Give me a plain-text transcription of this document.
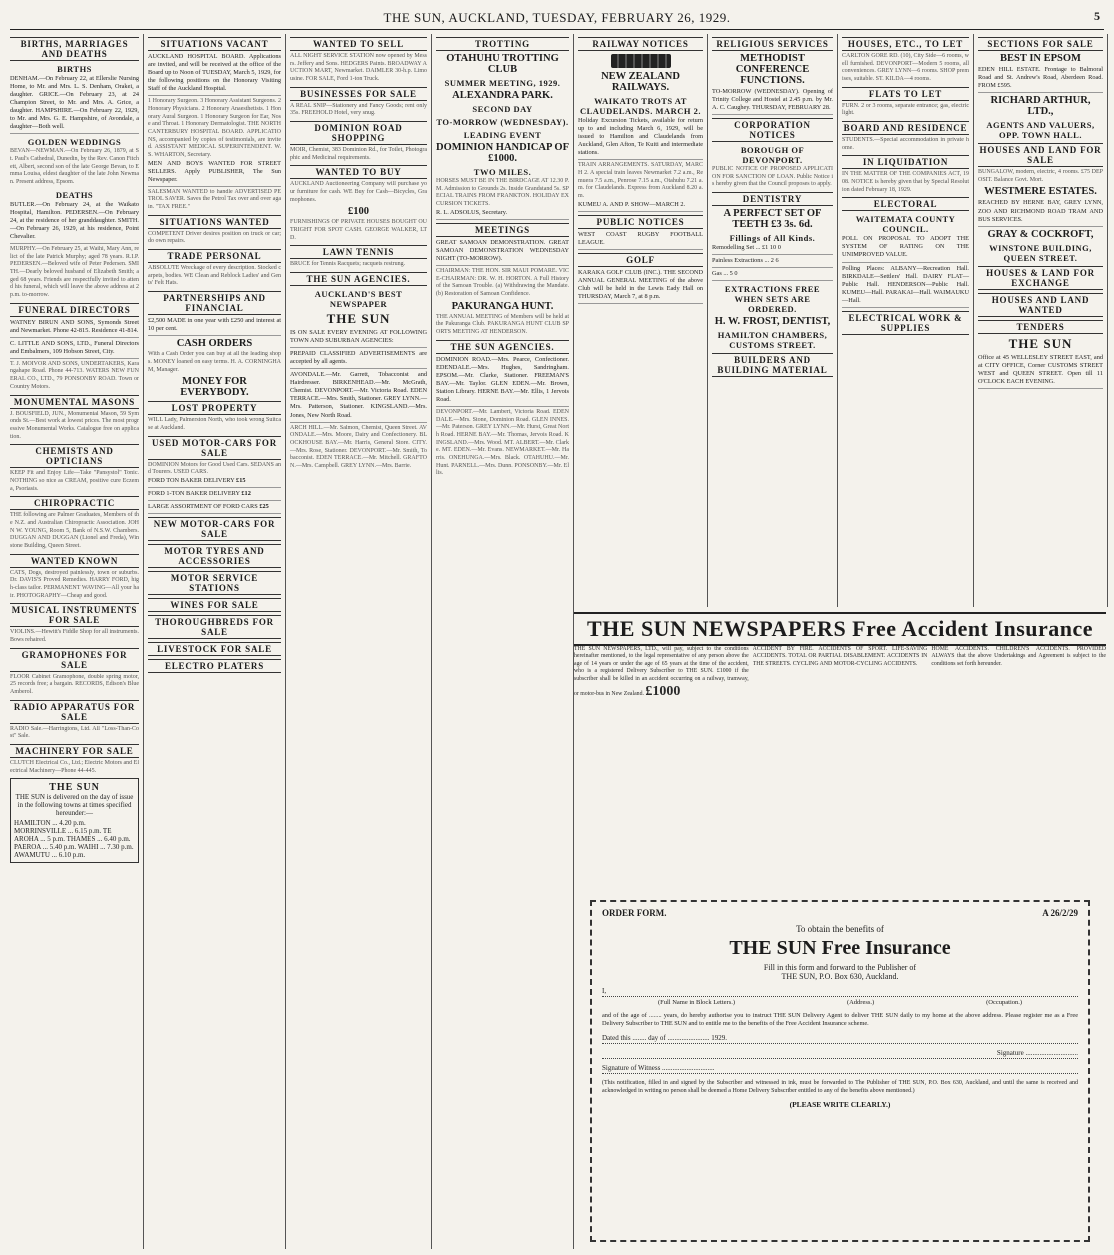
THE SUN, AUCKLAND, TUESDAY, FEBRUARY 26, 1929.	5
BIRTHS, MARRIAGES AND DEATHS
BIRTHS
DENHAM.—On February 22, at Ellerslie Nursing Home, to Mr. and Mrs. L. S. Denham, Orakei, a daughter. GRICE.—On February 23, at 24 Champion Street, to Mr. and Mrs. A. Grice, a daughter. HAMPSHIRE.—On February 22, 1929, to Mr. and Mrs. G. E. Hampshire, of Avondale, a daughter—Both well.
GOLDEN WEDDINGS
BEVAN—NEWMAN.—On February 26, 1879, at St. Paul's Cathedral, Dunedin, by the Rev. Canon Fitchett, Albert, second son of the late George Bevan, to Emma Louisa, eldest daughter of the late John Newman. Present address, Epsom.
DEATHS
BUTLER.—On February 24, at the Waikato Hospital, Hamilton. PEDERSEN.—On February 24, at the residence of her granddaughter. SMITH.—On February 26, 1929, at his residence, Point Chevalier.
MURPHY.—On February 25, at Waihi, Mary Ann, relict of the late Patrick Murphy; aged 78 years. R.I.P. PEDERSEN.—Beloved wife of Peter Pedersen. SMITH.—Dearly beloved husband of Elizabeth Smith; aged 68 years. Friends are respectfully invited to attend his funeral, which will leave the above address at 2 p.m. to-morrow.
FUNERAL DIRECTORS
WATNEY BIRUN AND SONS, Symonds Street and Newmarket. Phone 42-815. Residence 41-814.
C. LITTLE AND SONS, LTD., Funeral Directors and Embalmers, 109 Hobson Street, City.
T. J. MOIVOR AND SONS, UNDERTAKERS, Karangahape Road. Phone 44-713. WATERS NEW FUNERAL CO., LTD., 79 PONSONBY ROAD. Town or Country Motors.
MONUMENTAL MASONS
J. BOUSFIELD, JUN., Monumental Mason, 59 Symonds St.—Best work at lowest prices. The most progressive Monumental Works. Catalogue free on application.
CHEMISTS AND OPTICIANS
KEEP Fit and Enjoy Life—Take "Pansystol" Tonic. NOTHING so nice as CREAM, positive cure Eczema, Psoriasis.
CHIROPRACTIC
THE following are Palmer Graduates, Members of the N.Z. and Australian Chiropractic Association. JOHN W. YOUNG, Room 5, Bank of N.S.W. Chambers. DUGGAN AND DUGGAN (Lionel and Freda), Winstone Building, Queen Street.
WANTED KNOWN
CATS, Dogs, destroyed painlessly, town or suburbs. Dr. DAVIS'S Proved Remedies. HARRY FORD, high-class tailor. PERMANENT WAVING—All your hair. PHOTOGRAPHY—Cheap and good.
MUSICAL INSTRUMENTS FOR SALE
VIOLINS.—Hewitt's Fiddle Shop for all instruments. Bows rehaired.
GRAMOPHONES FOR SALE
FLOOR Cabinet Gramophone, double spring motor, 25 records free; a bargain. RECORDS, Edison's Blue Amberol.
RADIO APPARATUS FOR SALE
RADIO Sale.—Harringtons, Ltd. All "Loss-Than-Cost" Sale.
MACHINERY FOR SALE
CLUTCH Electrical Co., Ltd.; Electric Motors and Electrical Machinery—Phone 44-445.
THE SUN
THE SUN is delivered on the day of issue in the following towns at times specified hereunder:—
HAMILTON ... 4.20 p.m. MORRINSVILLE ... 6.15 p.m. TE AROHA ... 5 p.m. THAMES ... 6.40 p.m. PAEROA ... 5.40 p.m. WAIHI ... 7.30 p.m. AWAMUTU ... 6.10 p.m.
SITUATIONS VACANT
AUCKLAND HOSPITAL BOARD. Applications are invited, and will be received at the office of the Board up to Noon of TUESDAY, March 5, 1929, for the following positions on the Honorary Visiting Staff of the Auckland Hospital.
1 Honorary Surgeon. 3 Honorary Assistant Surgeons. 2 Honorary Physicians. 2 Honorary Anaesthetists. 1 Honorary Aural Surgeon. 1 Honorary Surgeon for Ear, Nose and Throat. 1 Honorary Dermatologist. THE NORTH CANTERBURY HOSPITAL BOARD. APPLICATIONS, accompanied by copies of testimonials, are invited. ASSISTANT MEDICAL SUPERINTENDENT. W. S. WHARTON, Secretary.
MEN AND BOYS WANTED FOR STREET SELLERS. Apply PUBLISHER, The Sun Newspaper.
SALESMAN WANTED to handle ADVERTISED PETROL SAVER. Saves the Petrol Tax over and over again. "TAX FREE."
SITUATIONS WANTED
COMPETENT Driver desires position on truck or car; do own repairs.
TRADE PERSONAL
ABSOLUTE Wreckage of every description. Stocked carpets, bodies. WE Clean and Reblock Ladies' and Gents' Felt Hats.
PARTNERSHIPS AND FINANCIAL
£2,500 MADE in one year with £250 and interest at 10 per cent.
CASH ORDERS
With a Cash Order you can buy at all the leading shops. MONEY loaned on easy terms. H. A. CORNINGHAM, Manager.
MONEY FOR EVERYBODY.
LOST PROPERTY
WILL Lady, Palmerston North, who took wrong Suitcase at Auckland.
USED MOTOR-CARS FOR SALE
DOMINION Motors for Good Used Cars. SEDANS and Tourers. USED CARS.
FORD TON BAKER DELIVERY £15
FORD 1-TON BAKER DELIVERY £12
LARGE ASSORTMENT OF FORD CARS £25
NEW MOTOR-CARS FOR SALE
MOTOR TYRES AND ACCESSORIES
MOTOR SERVICE STATIONS
WINES FOR SALE
THOROUGHBREDS FOR SALE
LIVESTOCK FOR SALE
ELECTRO PLATERS
WANTED TO SELL
ALL NIGHT SERVICE STATION now opened by Messrs. Jeffery and Sons. HEDGERS Paints. BROADWAY AUCTION MART, Newmarket. DAIMLER 30-h.p. Limousine. FOR SALE, Ford 1-ton Truck.
BUSINESSES FOR SALE
A REAL SNIP—Stationery and Fancy Goods; rent only 35s. FREEHOLD Hotel, very snug.
DOMINION ROAD SHOPPING
MOIR, Chemist, 383 Dominion Rd., for Toilet, Photographic and Medicinal requirements.
WANTED TO BUY
AUCKLAND Auctioneering Company will purchase your furniture for cash. WE Buy for Cash—Bicycles, Gramophones.
£100
FURNISHINGS OF PRIVATE HOUSES BOUGHT OUTRIGHT FOR SPOT CASH. GEORGE WALKER, LTD.
LAWN TENNIS
BRUCE for Tennis Racquets; racquets restrung.
THE SUN AGENCIES.
AUCKLAND'S BEST NEWSPAPER
THE SUN
IS ON SALE EVERY EVENING AT FOLLOWING TOWN AND SUBURBAN AGENCIES:
PREPAID CLASSIFIED ADVERTISEMENTS are accepted by all agents.
AVONDALE.—Mr. Garrett, Tobacconist and Hairdresser. BIRKENHEAD.—Mr. McGrath, Chemist. DEVONPORT.—Mr. Victoria Road. EDEN TERRACE.—Mrs. Smith, Stationer. GREY LYNN.—Mrs. Patterson, Stationer. KINGSLAND.—Mrs. Jones, New North Road.
ARCH HILL.—Mr. Salmon, Chemist, Queen Street. AVONDALE.—Mrs. Moore, Dairy and Confectionery. BLOCKHOUSE BAY.—Mr. Harris, General Store. CITY.—Mrs. Rose, Stationer. DEVONPORT.—Mr. Smith, Tobacconist. EDEN TERRACE.—Mr. Mitchell. GRAFTON.—Mrs. Campbell. GREY LYNN.—Mrs. Barrie.
TROTTING
OTAHUHU TROTTING CLUB
SUMMER MEETING, 1929.
ALEXANDRA PARK.
SECOND DAY
TO-MORROW (WEDNESDAY).
LEADING EVENT
DOMINION HANDICAP OF £1000.
TWO MILES.
HORSES MUST BE IN THE BIRDCAGE AT 12.30 P.M. Admission to Grounds 2s. Inside Grandstand 5s. SPECIAL TRAINS FROM FRANKTON. HOLIDAY EXCURSION TICKETS.
R. L. ADSOLUS, Secretary.
MEETINGS
GREAT SAMOAN DEMONSTRATION. GREAT SAMOAN DEMONSTRATION WEDNESDAY NIGHT (TO-MORROW).
CHAIRMAN: THE HON. SIR MAUI POMARE. VICE-CHAIRMAN: DR. W. H. HORTON. A Full History of the Samoan Trouble. (a) Withdrawing the Mandate. (b) Restoration of Samoan Confidence.
PAKURANGA HUNT.
THE ANNUAL MEETING of Members will be held at the Pakuranga Club. PAKURANGA HUNT CLUB SPORTS MEETING AT HENDERSON.
THE SUN AGENCIES.
DOMINION ROAD.—Mrs. Pearce, Confectioner. EDENDALE.—Mrs. Hughes, Sandringham. EPSOM.—Mr. Clarke, Stationer. FREEMAN'S BAY.—Mr. Taylor. GLEN EDEN.—Mr. Brown, Station Library. HERNE BAY.—Mr. Ellis, 1 Jervois Road.
DEVONPORT.—Mr. Lambert, Victoria Road. EDENDALE.—Mrs. Stone, Dominion Road. GLEN INNES.—Mr. Paterson. GREY LYNN.—Mr. Hurst, Great North Road. HERNE BAY.—Mr. Thomas, Jervois Road. KINGSLAND.—Mrs. Wood. MT. ALBERT.—Mr. Clarke. MT. EDEN.—Mr. Evans. NEWMARKET.—Mr. Harris. ONEHUNGA.—Mrs. Black. OTAHUHU.—Mr. Hunt. PARNELL.—Mrs. Dunn. PONSONBY.—Mr. Ellis.
RAILWAY NOTICES
NEW ZEALAND RAILWAYS.
WAIKATO TROTS AT CLAUDELANDS. MARCH 2.
Holiday Excursion Tickets, available for return up to and including March 6, 1929, will be issued to Hamilton and Claudelands from Auckland, Glen Afton, Te Kuiti and intermediate stations.
TRAIN ARRANGEMENTS. SATURDAY, MARCH 2. A special train leaves Newmarket 7.2 a.m., Remuera 7.5 a.m., Penrose 7.15 a.m., Otahuhu 7.21 a.m. for Claudelands. Express from Auckland 8.20 a.m.
KUMEU A. AND P. SHOW—MARCH 2.
PUBLIC NOTICES
WEST COAST RUGBY FOOTBALL LEAGUE.
GOLF
KARAKA GOLF CLUB (INC.). THE SECOND ANNUAL GENERAL MEETING of the above Club will be held in the Lewis Eady Hall on THURSDAY, March 7, at 8 p.m.
RELIGIOUS SERVICES
METHODIST CONFERENCE FUNCTIONS.
TO-MORROW (WEDNESDAY). Opening of Trinity College and Hostel at 2.45 p.m. by Mr. A. C. Caughey. THURSDAY, FEBRUARY 28.
CORPORATION NOTICES
BOROUGH OF DEVONPORT.
PUBLIC NOTICE OF PROPOSED APPLICATION FOR SANCTION OF LOAN. Public Notice is hereby given that the Council proposes to apply.
DENTISTRY
A PERFECT SET OF TEETH £3 3s. 6d.
Fillings of All Kinds.
Remodelling Set ... £1 10 0
Painless Extractions ... 2 6
Gas ... 5 0
EXTRACTIONS FREE WHEN SETS ARE ORDERED.
H. W. FROST, DENTIST,
HAMILTON CHAMBERS, CUSTOMS STREET.
BUILDERS AND BUILDING MATERIAL
HOUSES, ETC., TO LET
CARLTON GORE RD. (10), City Side—6 rooms, well furnished. DEVONPORT—Modern 5 rooms, all conveniences. GREY LYNN—6 rooms. SHOP premises, suitable. ST. KILDA—4 rooms.
FLATS TO LET
FURN. 2 or 3 rooms, separate entrance; gas, electric light.
BOARD AND RESIDENCE
STUDENTS.—Special accommodation in private home.
IN LIQUIDATION
IN THE MATTER OF THE COMPANIES ACT, 1908. NOTICE is hereby given that by Special Resolution dated February 18, 1929.
ELECTORAL
WAITEMATA COUNTY COUNCIL.
POLL ON PROPOSAL TO ADOPT THE SYSTEM OF RATING ON THE UNIMPROVED VALUE.
Polling Places: ALBANY—Recreation Hall. BIRKDALE—Settlers' Hall. DAIRY FLAT—Public Hall. HENDERSON—Public Hall. KUMEU—Hall. PARAKAI—Hall. WAIMAUKU—Hall.
ELECTRICAL WORK & SUPPLIES
SECTIONS FOR SALE
BEST IN EPSOM
EDEN HILL ESTATE. Frontage to Balmoral Road and St. Andrew's Road, Aberdeen Road. FROM £595.
RICHARD ARTHUR, LTD.,
AGENTS AND VALUERS, OPP. TOWN HALL.
HOUSES AND LAND FOR SALE
BUNGALOW, modern, electric, 4 rooms. £75 DEPOSIT. Balance Govt. Mort.
WESTMERE ESTATES.
REACHED BY HERNE BAY, GREY LYNN, ZOO AND RICHMOND ROAD TRAM AND BUS SERVICES.
GRAY & COCKROFT,
WINSTONE BUILDING, QUEEN STREET.
HOUSES & LAND FOR EXCHANGE
HOUSES AND LAND WANTED
TENDERS
THE SUN
Office at 45 WELLESLEY STREET EAST, and at CITY OFFICE, Corner CUSTOMS STREET WEST and QUEEN STREET. Open till 11 O'CLOCK EACH EVENING.
THE SUN NEWSPAPERS Free Accident Insurance
THE SUN NEWSPAPERS, LTD., will pay, subject to the conditions hereinafter mentioned, to the legal representative of any person above the age of 14 years or under the age of 65 years at the time of the accident, who is a registered Delivery Subscriber to THE SUN. £1000 if the subscriber shall be killed in an accident occurring on a railway, tramway, or motor-bus in New Zealand. £1000
ACCIDENT BY FIRE. ACCIDENTS OF SPORT. LIFE-SAVING ACCIDENTS. TOTAL OR PARTIAL DISABLEMENT. ACCIDENTS IN THE STREETS. CYCLING AND MOTOR-CYCLING ACCIDENTS.
HOME ACCIDENTS. CHILDREN'S ACCIDENTS. PROVIDED ALWAYS that the above Undertakings and Agreement is subject to the conditions set forth hereunder.
ORDER FORM.	A 26/2/29
To obtain the benefits of
THE SUN Free Insurance
Fill in this form and forward to the Publisher of
THE SUN, P.O. Box 630, Auckland.
I,
(Full Name in Block Letters.)	(Address.)	(Occupation.)
and of the age of ........ years, do hereby authorise you to instruct THE SUN Delivery Agent to deliver THE SUN daily to my home at the above address. Please register me as a Free Delivery Subscriber to THE SUN and to entitle me to the benefits of the Free Accident Insurance scheme.
Dated this ........ day of ........................ 1929.
Signature ..............................
Signature of Witness ..............................
(This notification, filled in and signed by the Subscriber and witnessed in ink, must be forwarded to The Publisher of THE SUN, P.O. Box 630, Auckland, and until the same is received and acknowledged in writing no person shall be deemed a Home Delivery Subscriber entitled to any of the benefits above mentioned.)
(PLEASE WRITE CLEARLY.)
